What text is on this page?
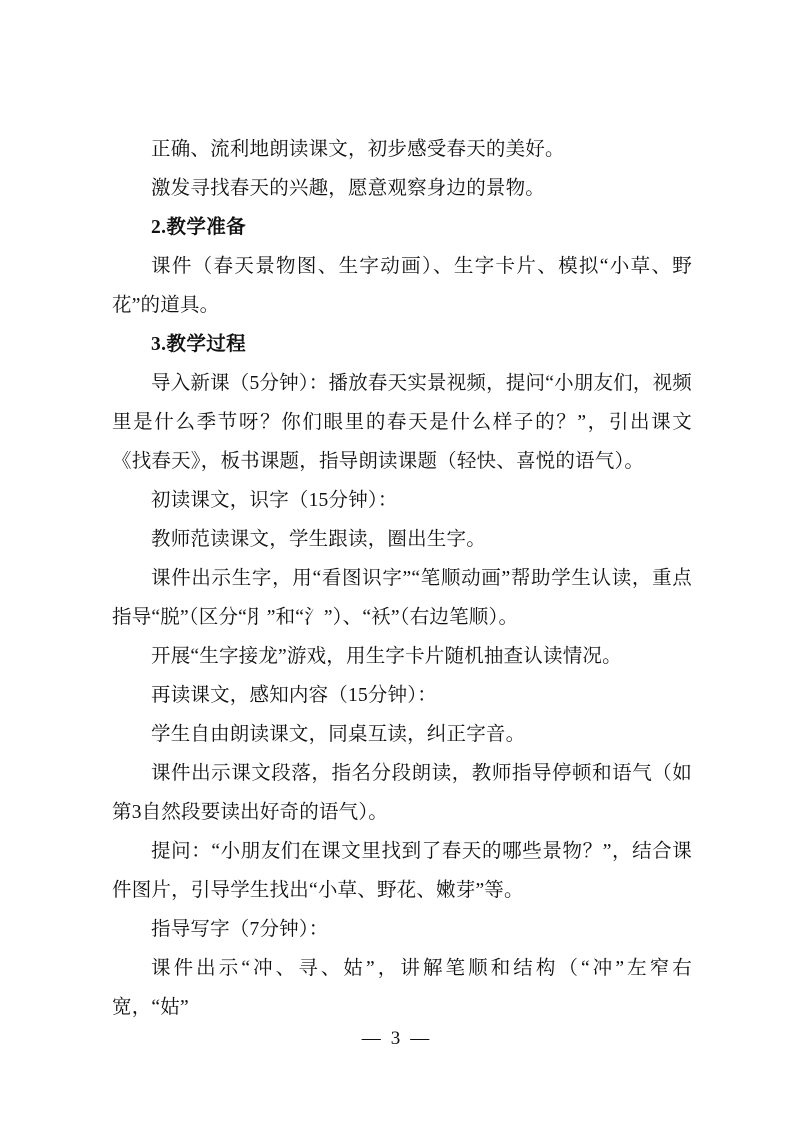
正确、流利地朗读课文，初步感受春天的美好。

激发寻找春天的兴趣，愿意观察身边的景物。

2.教学准备

课件（春天景物图、生字动画）、生字卡片、模拟“小草、野花”的道具。

3.教学过程

导入新课（5分钟）：播放春天实景视频，提问“小朋友们，视频里是什么季节呀？你们眼里的春天是什么样子的？”，引出课文《找春天》，板书课题，指导朗读课题（轻快、喜悦的语气）。

初读课文，识字（15分钟）：

教师范读课文，学生跟读，圈出生字。

课件出示生字，用“看图识字”“笔顺动画”帮助学生认读，重点指导“脱”（区分“⺼”和“氵”）、“袄”（右边笔顺）。

开展“生字接龙”游戏，用生字卡片随机抽查认读情况。

再读课文，感知内容（15分钟）：

学生自由朗读课文，同桌互读，纠正字音。

课件出示课文段落，指名分段朗读，教师指导停顿和语气（如第3自然段要读出好奇的语气）。

提问：“小朋友们在课文里找到了春天的哪些景物？”，结合课件图片，引导学生找出“小草、野花、嫩芽”等。

指导写字（7分钟）：

课件出示“冲、寻、姑”，讲解笔顺和结构（“冲”左窄右宽，“姑”

— 3 —
